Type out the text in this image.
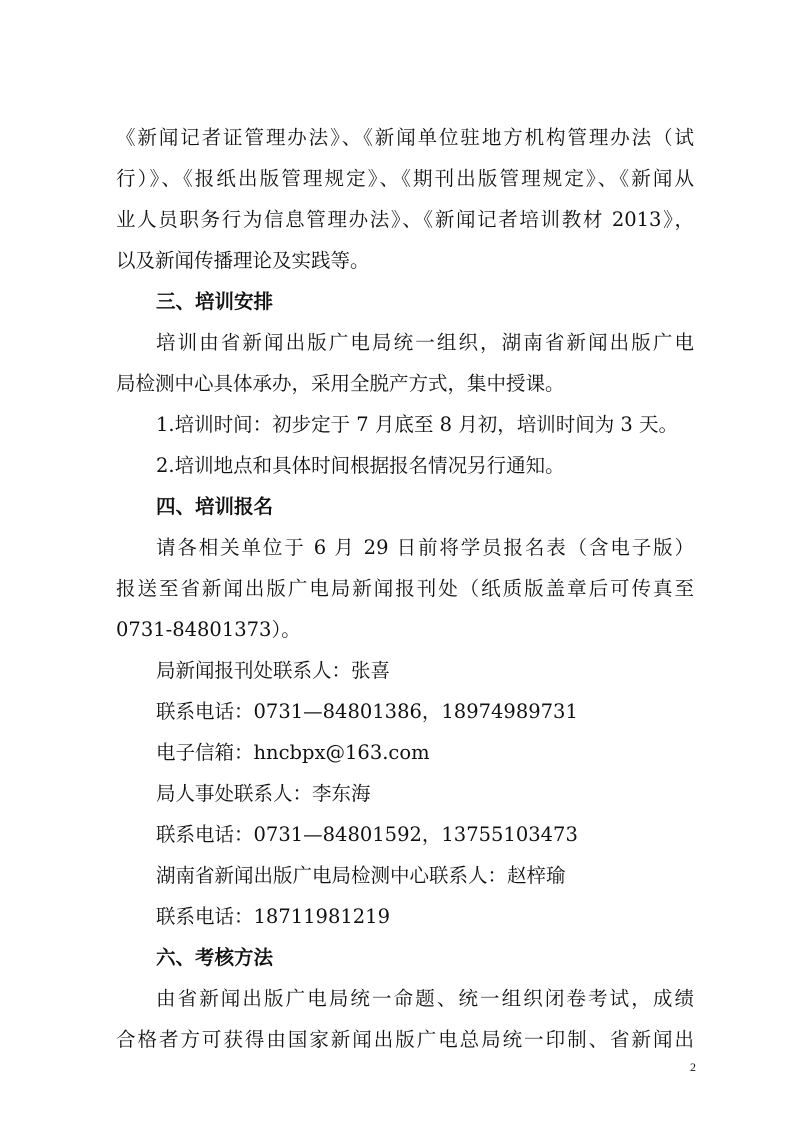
《新闻记者证管理办法》、《新闻单位驻地方机构管理办法（试
行）》、《报纸出版管理规定》、《期刊出版管理规定》、《新闻从
业人员职务行为信息管理办法》、《新闻记者培训教材 2013》，
以及新闻传播理论及实践等。
三、培训安排
培训由省新闻出版广电局统一组织，湖南省新闻出版广电
局检测中心具体承办，采用全脱产方式，集中授课。
1.培训时间：初步定于 7 月底至 8 月初，培训时间为 3 天。
2.培训地点和具体时间根据报名情况另行通知。
四、培训报名
请各相关单位于 6 月 29 日前将学员报名表（含电子版）
报送至省新闻出版广电局新闻报刊处（纸质版盖章后可传真至
0731-84801373）。
局新闻报刊处联系人：张喜
联系电话：0731—84801386，18974989731
电子信箱：hncbpx@163.com
局人事处联系人：李东海
联系电话：0731—84801592，13755103473
湖南省新闻出版广电局检测中心联系人：赵梓瑜
联系电话：18711981219
六、考核方法
由省新闻出版广电局统一命题、统一组织闭卷考试，成绩
合格者方可获得由国家新闻出版广电总局统一印制、省新闻出
2
